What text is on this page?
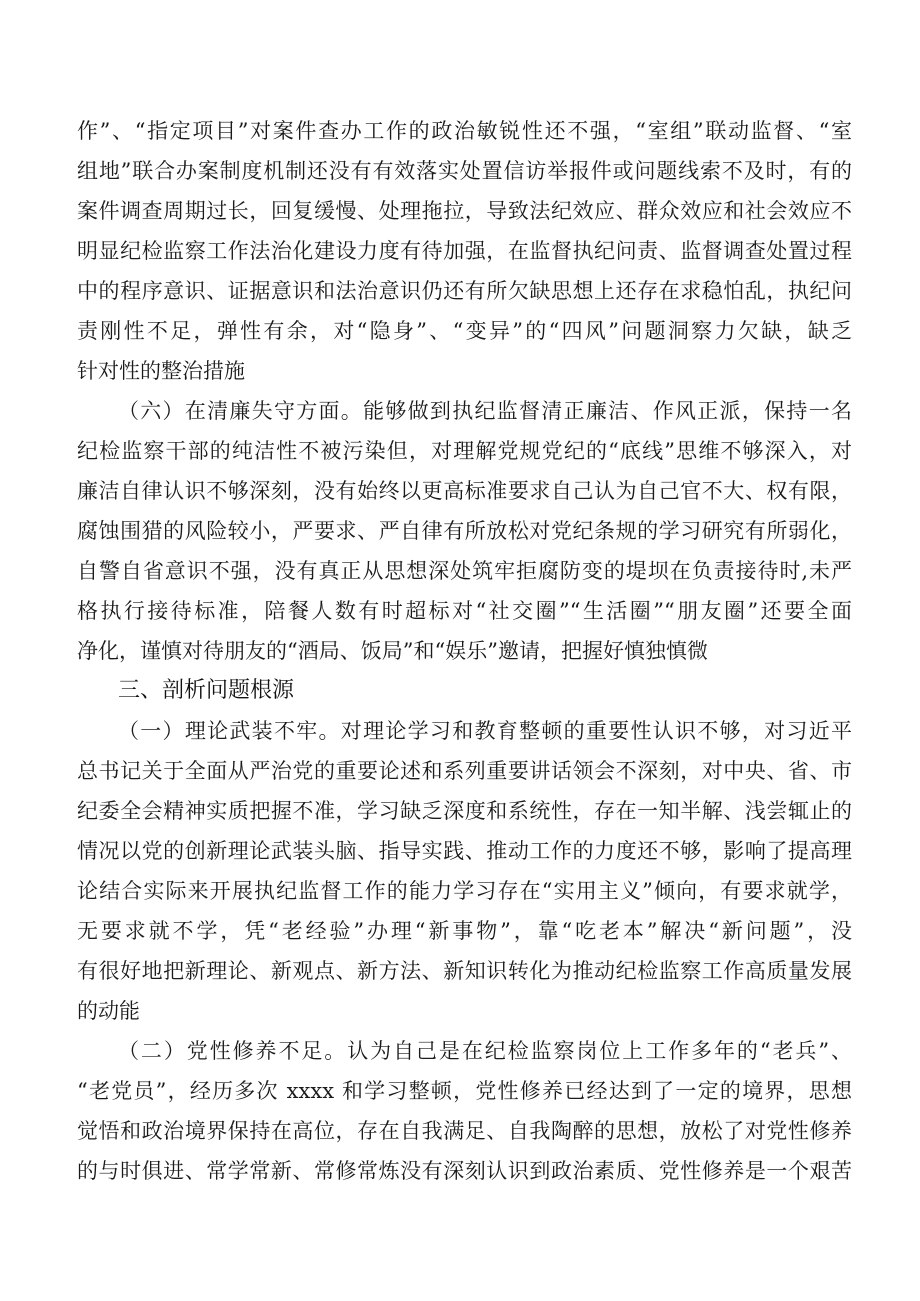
作”、“指定项目”对案件查办工作的政治敏锐性还不强，“室组”联动监督、“室
组地”联合办案制度机制还没有有效落实处置信访举报件或问题线索不及时，有的
案件调查周期过长，回复缓慢、处理拖拉，导致法纪效应、群众效应和社会效应不
明显纪检监察工作法治化建设力度有待加强，在监督执纪问责、监督调查处置过程
中的程序意识、证据意识和法治意识仍还有所欠缺思想上还存在求稳怕乱，执纪问
责刚性不足，弹性有余，对“隐身”、“变异”的“四风”问题洞察力欠缺，缺乏
针对性的整治措施
（六）在清廉失守方面。能够做到执纪监督清正廉洁、作风正派，保持一名
纪检监察干部的纯洁性不被污染但，对理解党规党纪的“底线”思维不够深入，对
廉洁自律认识不够深刻，没有始终以更高标准要求自己认为自己官不大、权有限，
腐蚀围猎的风险较小，严要求、严自律有所放松对党纪条规的学习研究有所弱化，
自警自省意识不强，没有真正从思想深处筑牢拒腐防变的堤坝在负责接待时,未严
格执行接待标准，陪餐人数有时超标对“社交圈”“生活圈”“朋友圈”还要全面
净化，谨慎对待朋友的“酒局、饭局”和“娱乐”邀请，把握好慎独慎微
三、剖析问题根源
（一）理论武装不牢。对理论学习和教育整顿的重要性认识不够，对习近平
总书记关于全面从严治党的重要论述和系列重要讲话领会不深刻，对中央、省、市
纪委全会精神实质把握不准，学习缺乏深度和系统性，存在一知半解、浅尝辄止的
情况以党的创新理论武装头脑、指导实践、推动工作的力度还不够，影响了提高理
论结合实际来开展执纪监督工作的能力学习存在“实用主义”倾向，有要求就学，
无要求就不学，凭“老经验”办理“新事物”，靠“吃老本”解决“新问题”，没
有很好地把新理论、新观点、新方法、新知识转化为推动纪检监察工作高质量发展
的动能
（二）党性修养不足。认为自己是在纪检监察岗位上工作多年的“老兵”、
“老党员”，经历多次 xxxx 和学习整顿，党性修养已经达到了一定的境界，思想
觉悟和政治境界保持在高位，存在自我满足、自我陶醉的思想，放松了对党性修养
的与时俱进、常学常新、常修常炼没有深刻认识到政治素质、党性修养是一个艰苦
